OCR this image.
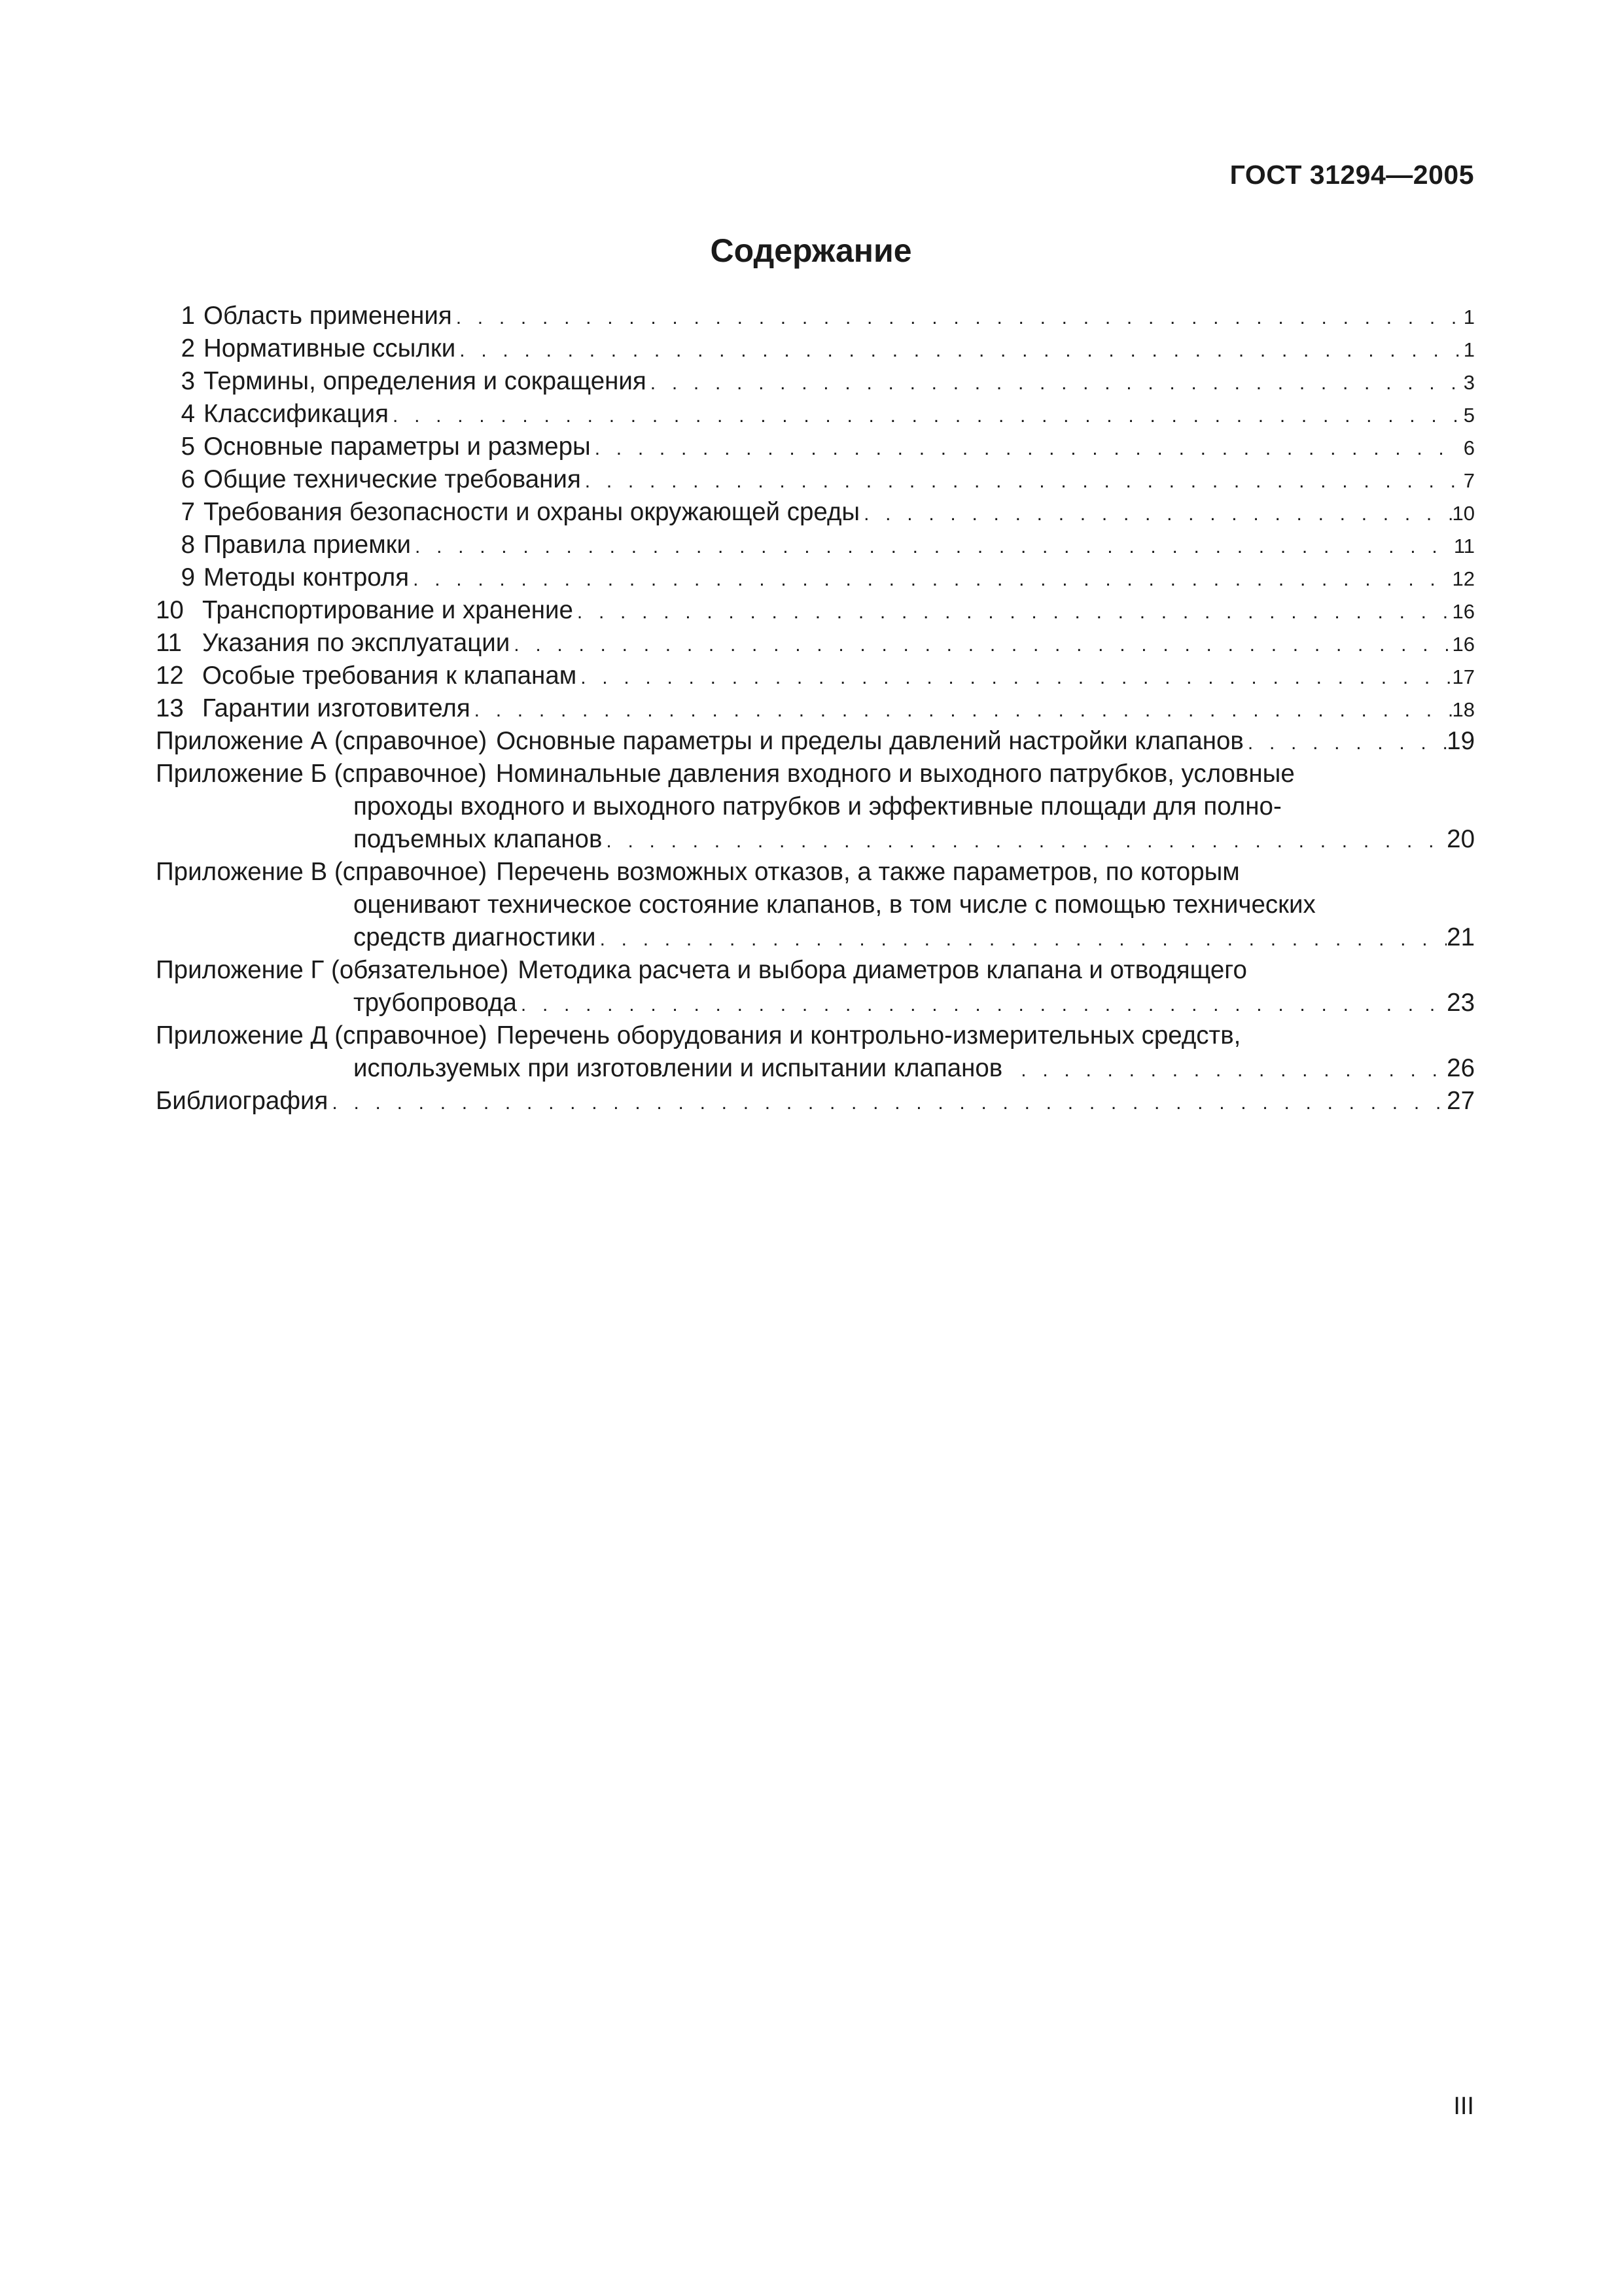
ГОСТ 31294—2005
Содержание
1 Область применения . . .	1
2 Нормативные ссылки . . .	1
3 Термины, определения и сокращения . . .	3
4 Классификация . . .	5
5 Основные параметры и размеры . . .	6
6 Общие технические требования . . .	7
7 Требования безопасности и охраны окружающей среды . . .	10
8 Правила приемки . . .	11
9 Методы контроля . . .	12
10 Транспортирование и хранение . . .	16
11 Указания по эксплуатации . . .	16
12 Особые требования к клапанам . . .	17
13 Гарантии изготовителя . . .	18
Приложение А (справочное) Основные параметры и пределы давлений настройки клапанов . . .	19
Приложение Б (справочное) Номинальные давления входного и выходного патрубков, условные
проходы входного и выходного патрубков и эффективные площади для полно-
подъемных клапанов . . .	20
Приложение В (справочное) Перечень возможных отказов, а также параметров, по которым
оценивают техническое состояние клапанов, в том числе с помощью технических
средств диагностики . . .	21
Приложение Г (обязательное) Методика расчета и выбора диаметров клапана и отводящего
трубопровода . . .	23
Приложение Д (справочное) Перечень оборудования и контрольно-измерительных средств,
используемых при изготовлении и испытании клапанов . . .	26
Библиография . . .	27
III
